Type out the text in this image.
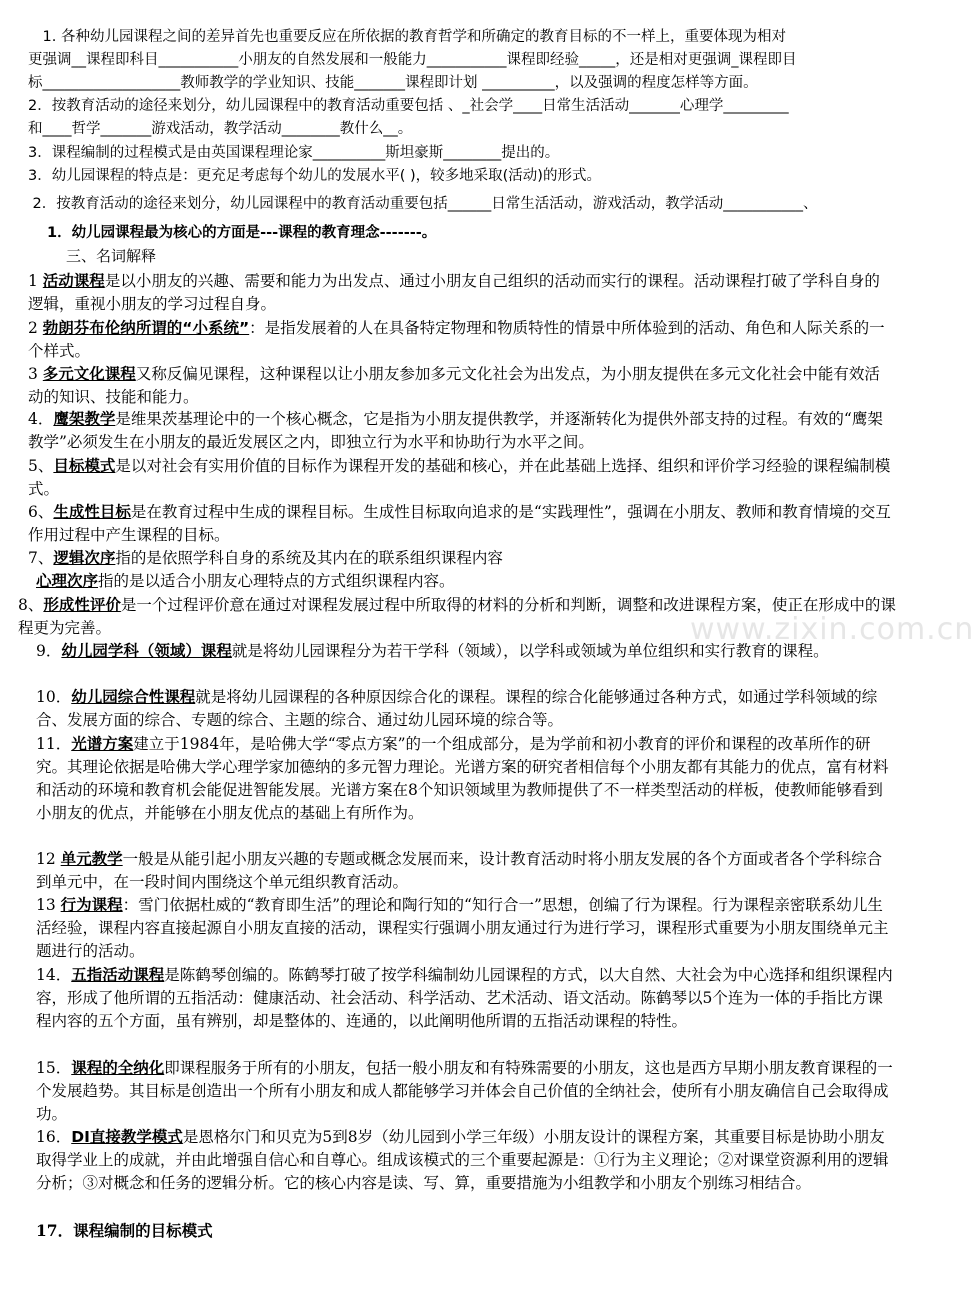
　1. 各种幼儿园课程之间的差异首先也重要反应在所依据的教育哲学和所确定的教育目标的不一样上，重要体现为相对
更强调__课程即科目___________小朋友的自然发展和一般能力___________课程即经验_____，还是相对更强调_课程即目
标___________________教师教学的学业知识、技能_______课程即计划 __________，以及强调的程度怎样等方面。
2．按教育活动的途径来划分，幼儿园课程中的教育活动重要包括 、_社会学____日常生活活动_______心理学_________
和____哲学_______游戏活动，教学活动________教什么__。
3．课程编制的过程模式是由英国课程理论家__________斯坦豪斯________提出的。
3．幼儿园课程的特点是：更充足考虑每个幼儿的发展水平( )，较多地采取(活动)的形式。
　2．按教育活动的途径来划分，幼儿园课程中的教育活动重要包括______日常生活活动，游戏活动，教学活动___________、
　　1．幼儿园课程最为核心的方面是---课程的教育理念-------。
三、名词解释
www.zixin.com.cn

1 活动课程是以小朋友的兴趣、需要和能力为出发点、通过小朋友自己组织的活动而实行的课程。活动课程打破了学科自身的逻辑，重视小朋友的学习过程自身。

2 勃朗芬布伦纳所谓的“小系统”：是指发展着的人在具备特定物理和物质特性的情景中所体验到的活动、角色和人际关系的一个样式。

3 多元文化课程又称反偏见课程，这种课程以让小朋友参加多元文化社会为出发点，为小朋友提供在多元文化社会中能有效活动的知识、技能和能力。

4．鹰架教学是维果茨基理论中的一个核心概念，它是指为小朋友提供教学，并逐渐转化为提供外部支持的过程。有效的“鹰架教学”必须发生在小朋友的最近发展区之内，即独立行为水平和协助行为水平之间。

5、目标模式是以对社会有实用价值的目标作为课程开发的基础和核心，并在此基础上选择、组织和评价学习经验的课程编制模式。

6、生成性目标是在教育过程中生成的课程目标。生成性目标取向追求的是“实践理性”，强调在小朋友、教师和教育情境的交互作用过程中产生课程的目标。

7、逻辑次序指的是依照学科自身的系统及其内在的联系组织课程内容

心理次序指的是以适合小朋友心理特点的方式组织课程内容。

8、形成性评价是一个过程评价意在通过对课程发展过程中所取得的材料的分析和判断，调整和改进课程方案，使正在形成中的课程更为完善。

9．幼儿园学科（领域）课程就是将幼儿园课程分为若干学科（领域），以学科或领域为单位组织和实行教育的课程。

10．幼儿园综合性课程就是将幼儿园课程的各种原因综合化的课程。课程的综合化能够通过各种方式，如通过学科领域的综合、发展方面的综合、专题的综合、主题的综合、通过幼儿园环境的综合等。

11．光谱方案建立于1984年，是哈佛大学“零点方案”的一个组成部分，是为学前和初小教育的评价和课程的改革所作的研究。其理论依据是哈佛大学心理学家加德纳的多元智力理论。光谱方案的研究者相信每个小朋友都有其能力的优点，富有材料和活动的环境和教育机会能促进智能发展。光谱方案在8个知识领域里为教师提供了不一样类型活动的样板，使教师能够看到小朋友的优点，并能够在小朋友优点的基础上有所作为。

12 单元教学一般是从能引起小朋友兴趣的专题或概念发展而来，设计教育活动时将小朋友发展的各个方面或者各个学科综合到单元中，在一段时间内围绕这个单元组织教育活动。

13 行为课程：雪门依据杜威的“教育即生活”的理论和陶行知的“知行合一”思想，创编了行为课程。行为课程亲密联系幼儿生活经验，课程内容直接起源自小朋友直接的活动，课程实行强调小朋友通过行为进行学习，课程形式重要为小朋友围绕单元主题进行的活动。

14．五指活动课程是陈鹤琴创编的。陈鹤琴打破了按学科编制幼儿园课程的方式，以大自然、大社会为中心选择和组织课程内容，形成了他所谓的五指活动：健康活动、社会活动、科学活动、艺术活动、语文活动。陈鹤琴以5个连为一体的手指比方课程内容的五个方面，虽有辨别，却是整体的、连通的，以此阐明他所谓的五指活动课程的特性。

15．课程的全纳化即课程服务于所有的小朋友，包括一般小朋友和有特殊需要的小朋友，这也是西方早期小朋友教育课程的一个发展趋势。其目标是创造出一个所有小朋友和成人都能够学习并体会自己价值的全纳社会，使所有小朋友确信自己会取得成功。

16．DI直接教学模式是恩格尔门和贝克为5到8岁（幼儿园到小学三年级）小朋友设计的课程方案，其重要目标是协助小朋友取得学业上的成就，并由此增强自信心和自尊心。组成该模式的三个重要起源是：①行为主义理论；②对课堂资源利用的逻辑分析；③对概念和任务的逻辑分析。它的核心内容是读、写、算，重要措施为小组教学和小朋友个别练习相结合。

17．课程编制的目标模式
